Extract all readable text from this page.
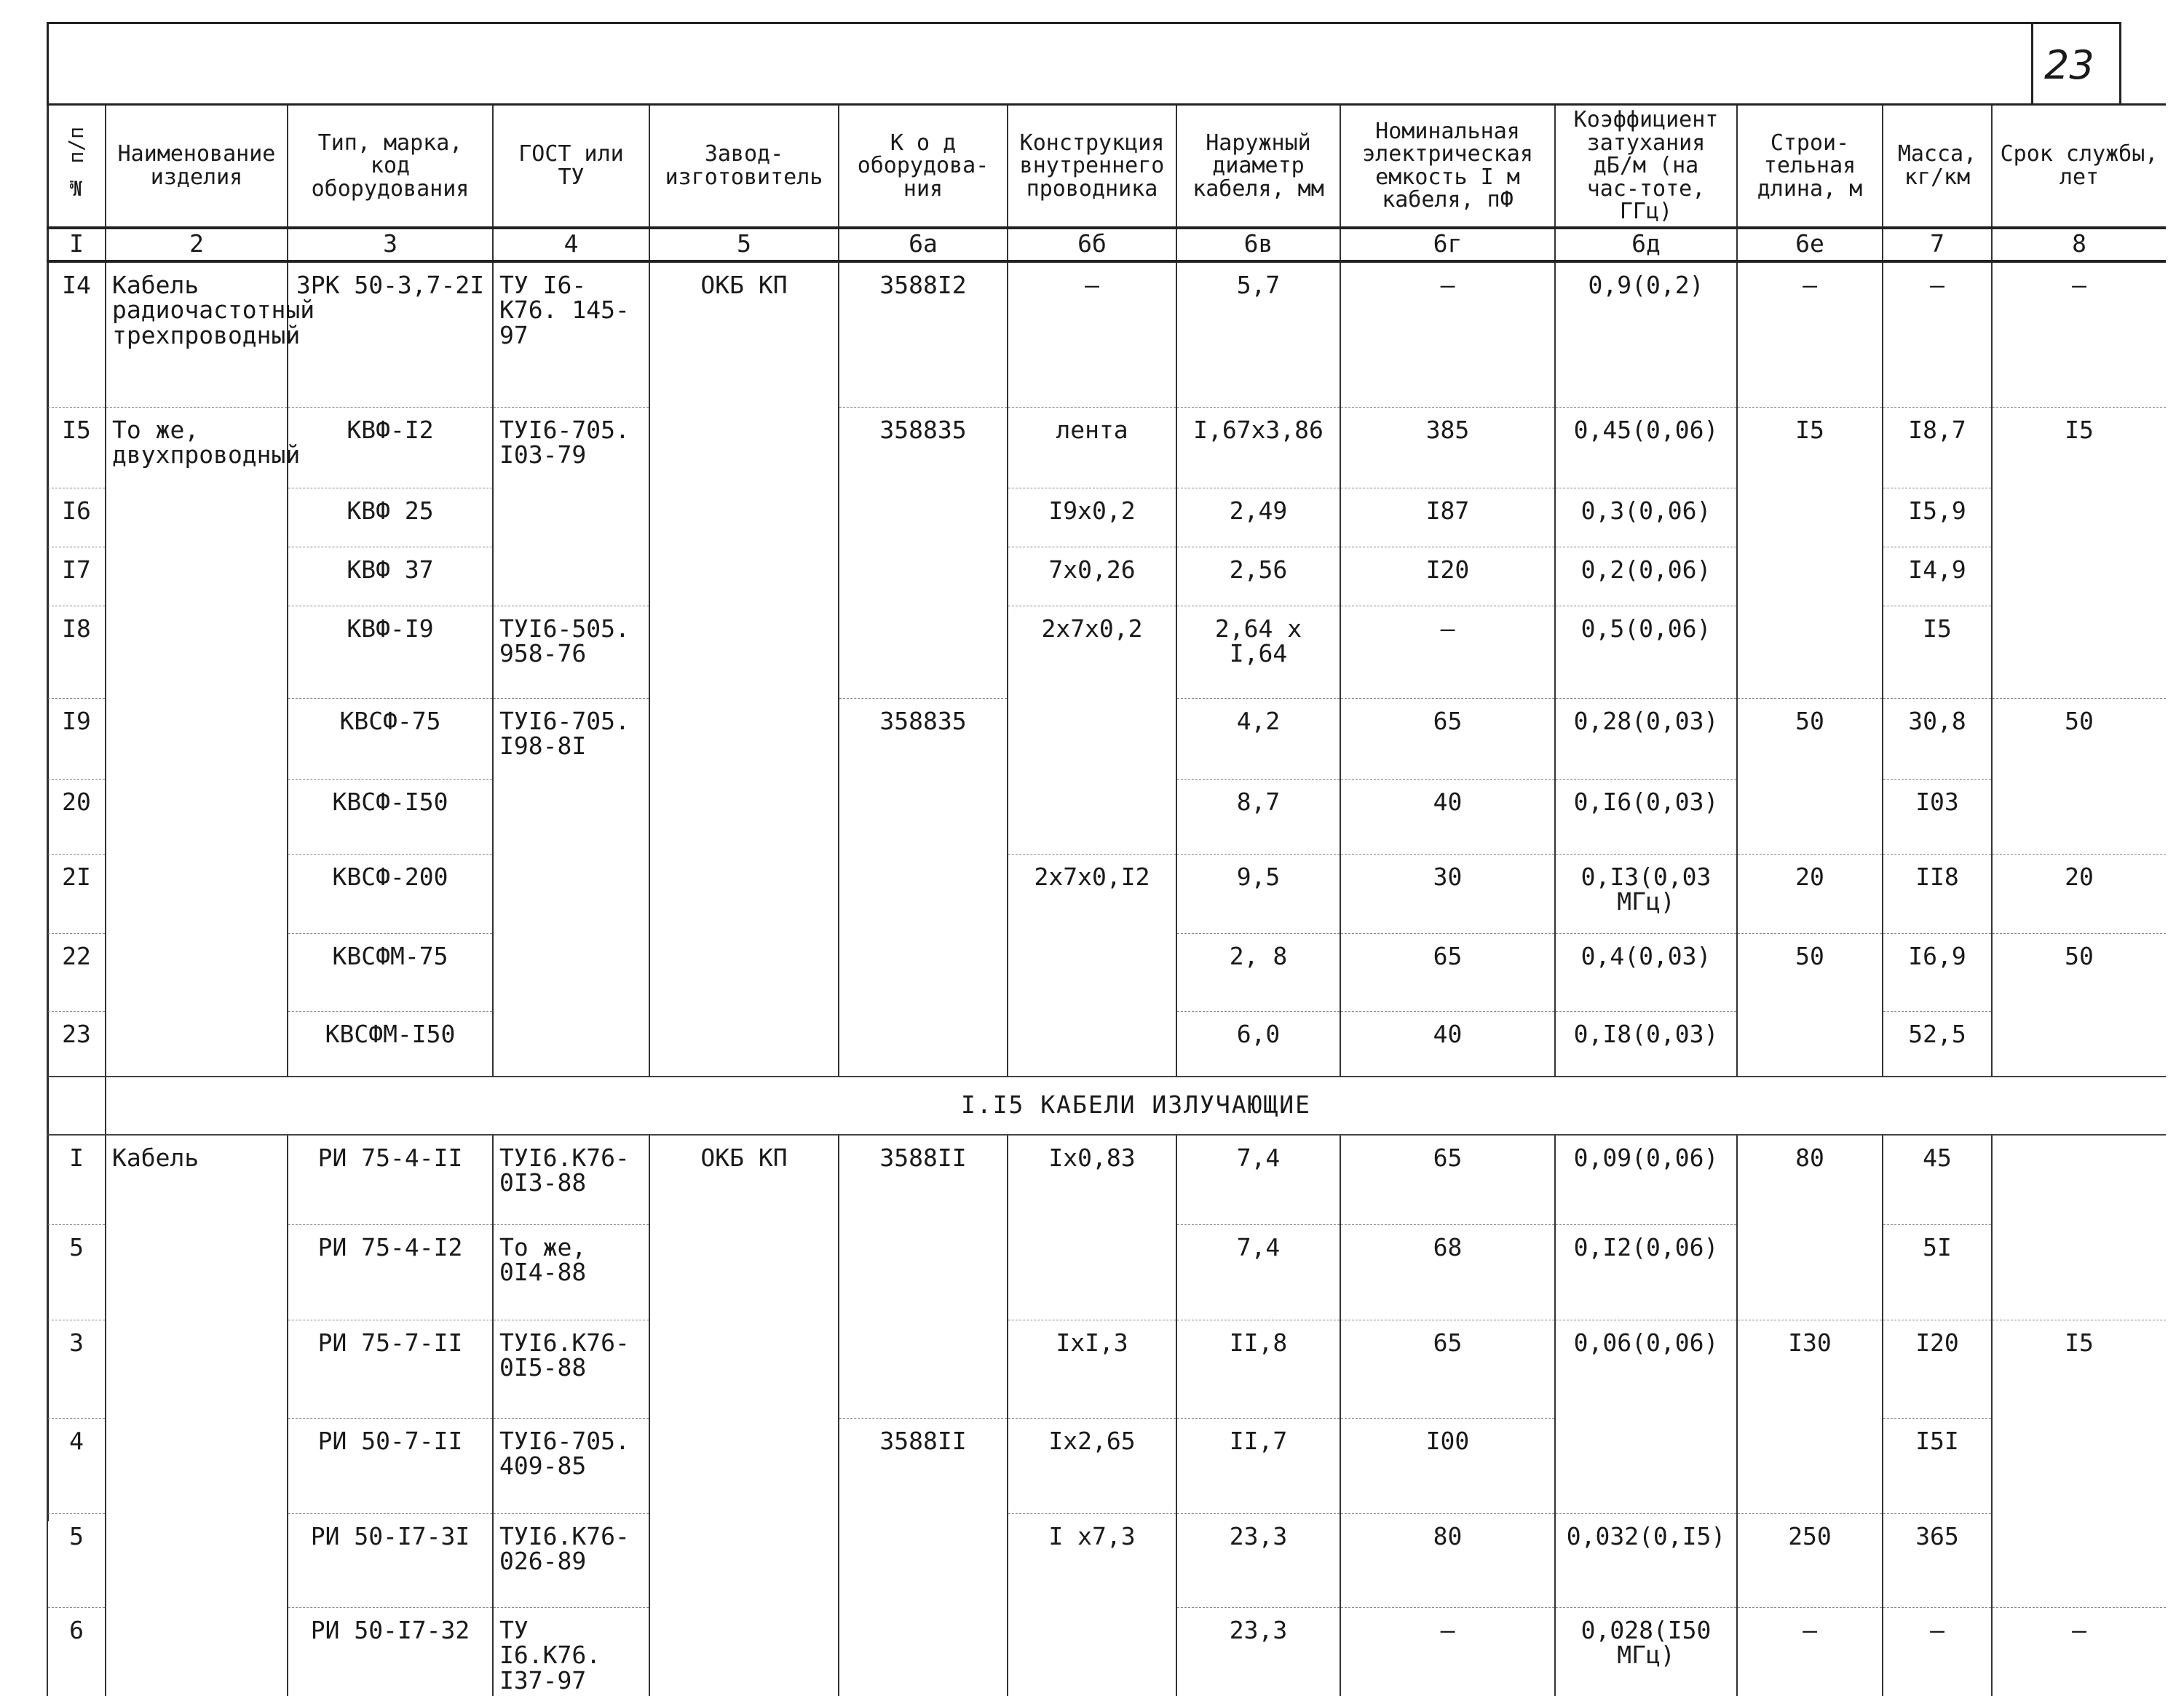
23
№ п/п	Наименование изделия	Тип, марка, код оборудования	ГОСТ или ТУ	Завод-изготовитель	К о д оборудова-ния	Конструкция внутреннего проводника	Наружный диаметр кабеля, мм	Номинальная электрическая емкость I м кабеля, пФ	Коэффициент затухания дБ/м (на час-тоте, ГГц)	Строи-тельная длина, м	Масса, кг/км	Срок службы, лет
I	2	3	4	5	6а	6б	6в	6г	6д	6е	7	8
I4	Кабель радиочастотный трехпроводный	ЗРК 50-3,7-2I	ТУ I6-К76. 145-97	ОКБ КП	3588I2	—	5,7	—	0,9(0,2)	—	—	—
I5	То же, двухпроводный	КВФ-I2	ТУI6-705. I03-79		358835	лента	I,67х3,86	385	0,45(0,06)	I5	I8,7	I5
I6		КВФ 25				I9х0,2	2,49	I87	0,3(0,06)		I5,9	
I7		КВФ 37				7х0,26	2,56	I20	0,2(0,06)		I4,9	
I8		КВФ-I9	ТУI6-505. 958-76			2х7х0,2	2,64 х I,64	—	0,5(0,06)		I5	
I9		КВСФ-75	ТУI6-705. I98-8I		358835		4,2	65	0,28(0,03)	50	30,8	50
20		КВСФ-I50					8,7	40	0,I6(0,03)		I03	
2I		КВСФ-200				2х7х0,I2	9,5	30	0,I3(0,03 МГц)	20	II8	20
22		КВСФМ-75					2, 8	65	0,4(0,03)	50	I6,9	50
23		КВСФМ-I50					6,0	40	0,I8(0,03)		52,5	
	I.I5 КАБЕЛИ ИЗЛУЧАЮЩИЕ											
I	Кабель	РИ 75-4-II	ТУI6.К76- 0I3-88	ОКБ КП	3588II	Iх0,83	7,4	65	0,09(0,06)	80	45	
5		РИ 75-4-I2	То же, 0I4-88				7,4	68	0,I2(0,06)		5I	
3		РИ 75-7-II	ТУI6.К76- 0I5-88			IхI,3	II,8	65	0,06(0,06)	I30	I20	I5
4		РИ 50-7-II	ТУI6-705. 409-85		3588II	Iх2,65	II,7	I00			I5I	
5		РИ 50-I7-3I	ТУI6.К76- 026-89			I х7,3	23,3	80	0,032(0,I5)	250	365	
6		РИ 50-I7-32	ТУ I6.К76. I37-97				23,3	—	0,028(I50 МГц)	—	—	—
